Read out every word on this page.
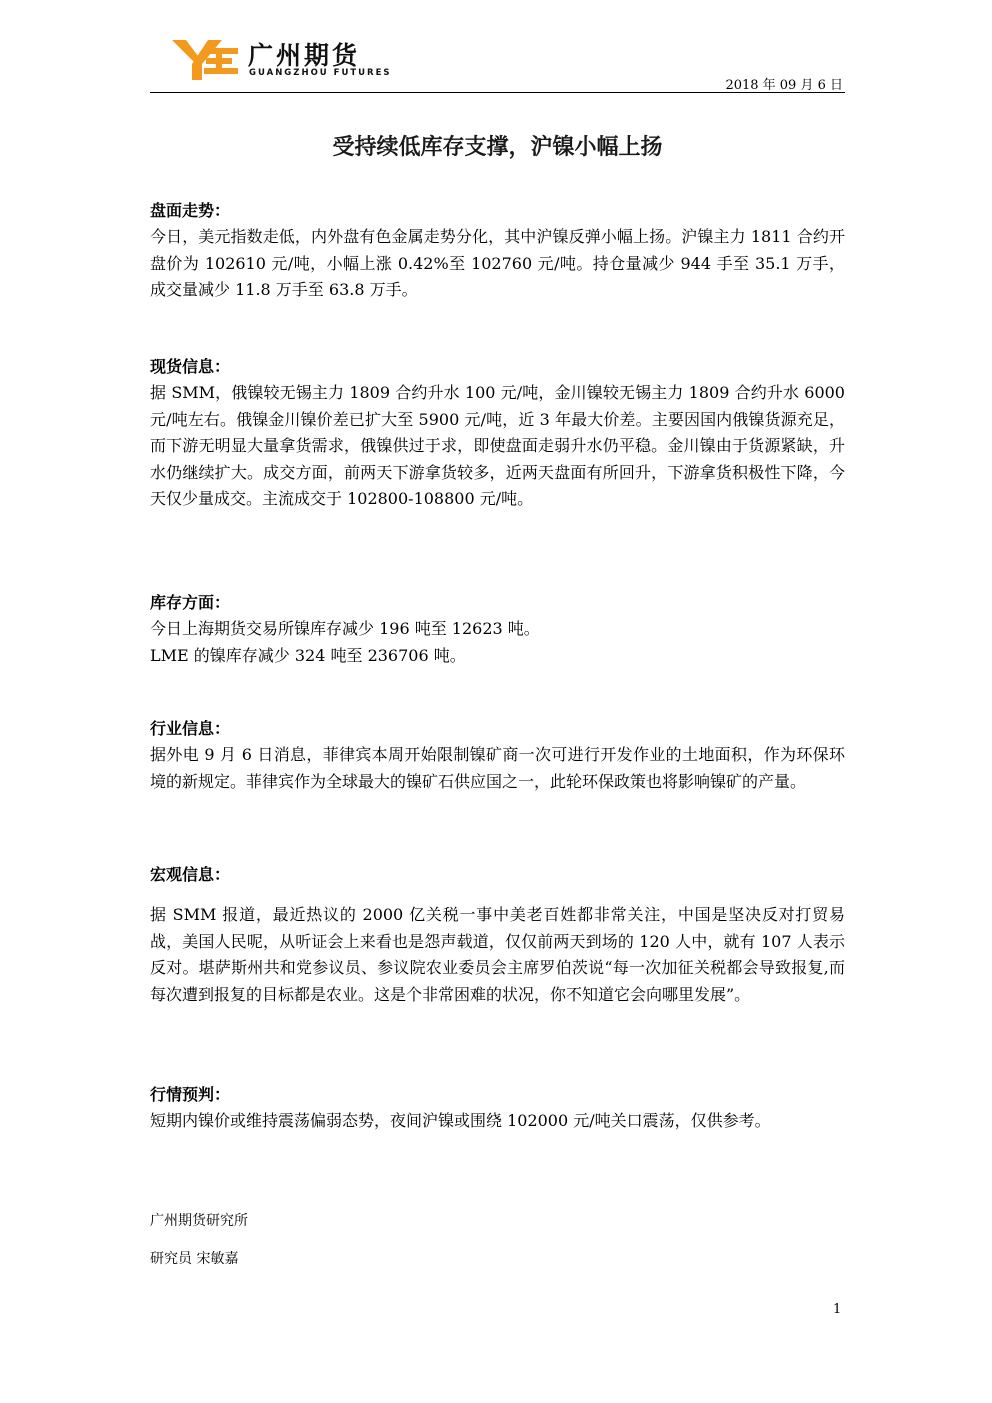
广州期货
GUANGZHOU FUTURES
2018 年 09 月 6 日
受持续低库存支撑，沪镍小幅上扬
盘面走势：

今日，美元指数走低，内外盘有色金属走势分化，其中沪镍反弹小幅上扬。沪镍主力 1811 合约开盘价为 102610 元/吨，小幅上涨 0.42%至 102760 元/吨。持仓量减少 944 手至 35.1 万手，成交量减少 11.8 万手至 63.8 万手。

现货信息：

据 SMM，俄镍较无锡主力 1809 合约升水 100 元/吨，金川镍较无锡主力 1809 合约升水 6000 元/吨左右。俄镍金川镍价差已扩大至 5900 元/吨，近 3 年最大价差。主要因国内俄镍货源充足，而下游无明显大量拿货需求，俄镍供过于求，即使盘面走弱升水仍平稳。金川镍由于货源紧缺，升水仍继续扩大。成交方面，前两天下游拿货较多，近两天盘面有所回升，下游拿货积极性下降，今天仅少量成交。主流成交于 102800-108800 元/吨。

库存方面：

今日上海期货交易所镍库存减少 196 吨至 12623 吨。

LME 的镍库存减少 324 吨至 236706 吨。

行业信息：

据外电 9 月 6 日消息，菲律宾本周开始限制镍矿商一次可进行开发作业的土地面积，作为环保环境的新规定。菲律宾作为全球最大的镍矿石供应国之一，此轮环保政策也将影响镍矿的产量。

宏观信息：

据 SMM 报道，最近热议的 2000 亿关税一事中美老百姓都非常关注，中国是坚决反对打贸易战，美国人民呢，从听证会上来看也是怨声载道，仅仅前两天到场的 120 人中，就有 107 人表示反对。堪萨斯州共和党参议员、参议院农业委员会主席罗伯茨说“每一次加征关税都会导致报复,而每次遭到报复的目标都是农业。这是个非常困难的状况，你不知道它会向哪里发展”。

行情预判：

短期内镍价或维持震荡偏弱态势，夜间沪镍或围绕 102000 元/吨关口震荡，仅供参考。

广州期货研究所
研究员 宋敏嘉
1
